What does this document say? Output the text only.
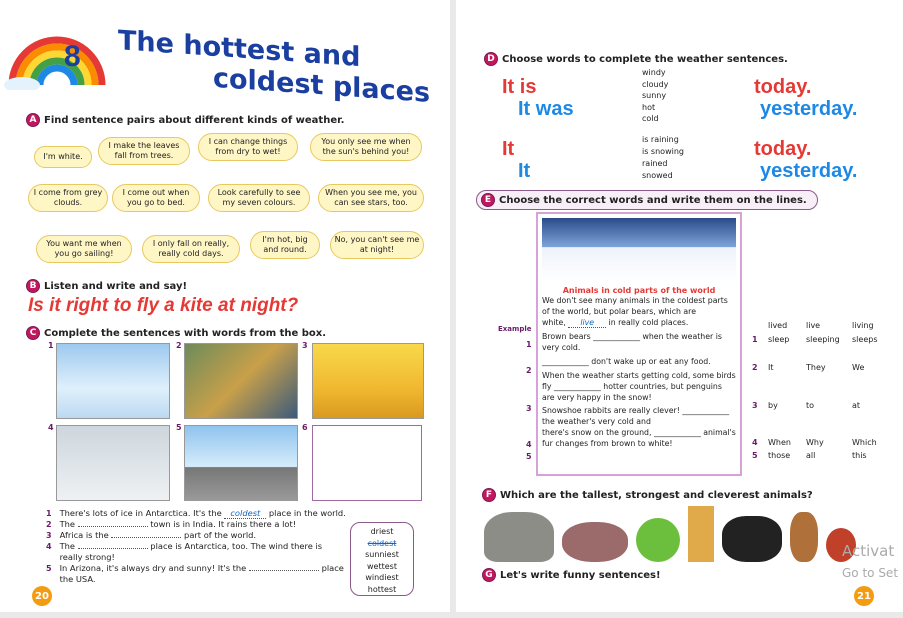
8 The hottest and
coldest places
A Find sentence pairs about different kinds of weather.
I'm white.
I make the leaves fall from trees.
I can change things from dry to wet!
You only see me when the sun's behind you!
I come from grey clouds.
I come out when you go to bed.
Look carefully to see my seven colours.
When you see me, you can see stars, too.
You want me when you go sailing!
I only fall on really, really cold days.
I'm hot, big and round.
No, you can't see me at night!
B Listen and write and say!
Is it right to fly a kite at night?
C Complete the sentences with words from the box.
1	2	3
4	5	6
1 There's lots of ice in Antarctica. It's the coldest place in the world.
2 The	town is in India. It rains there a lot!
3 Africa is the	part of the world.
4 The	place is Antarctica, too. The wind there is really strong!
5 In Arizona, it's always dry and sunny! It's the	place the USA.
driest
coldest
sunniest
wettest
windiest
hottest
20
D Choose words to complete the weather sentences.
It is
It was
windy
cloudy
sunny
hot
cold
today.
yesterday.
It
It
is raining
is snowing
rained
snowed
today.
yesterday.
E Choose the correct words and write them on the lines.
Animals in cold parts of the world
We don't see many animals in the coldest parts of the world, but polar bears, which are
white, live in really cold places.
Brown bears ____________ when the weather is very cold.
____________ don't wake up or eat any food.
When the weather starts getting cold, some birds fly ____________ hotter countries, but penguins are very happy in the snow!
Snowshoe rabbits are really clever! ____________ the weather's very cold and
there's snow on the ground, ____________ animal's fur changes from brown to white!
Example
1
2
3
4
5
lived	live	living
1	sleep	sleeping	sleeps
2	It	They	We
3	by	to	at
4	When	Why	Which
5	those	all	this
F Which are the tallest, strongest and cleverest animals?
G Let's write funny sentences!
21
Activat
Go to Set
